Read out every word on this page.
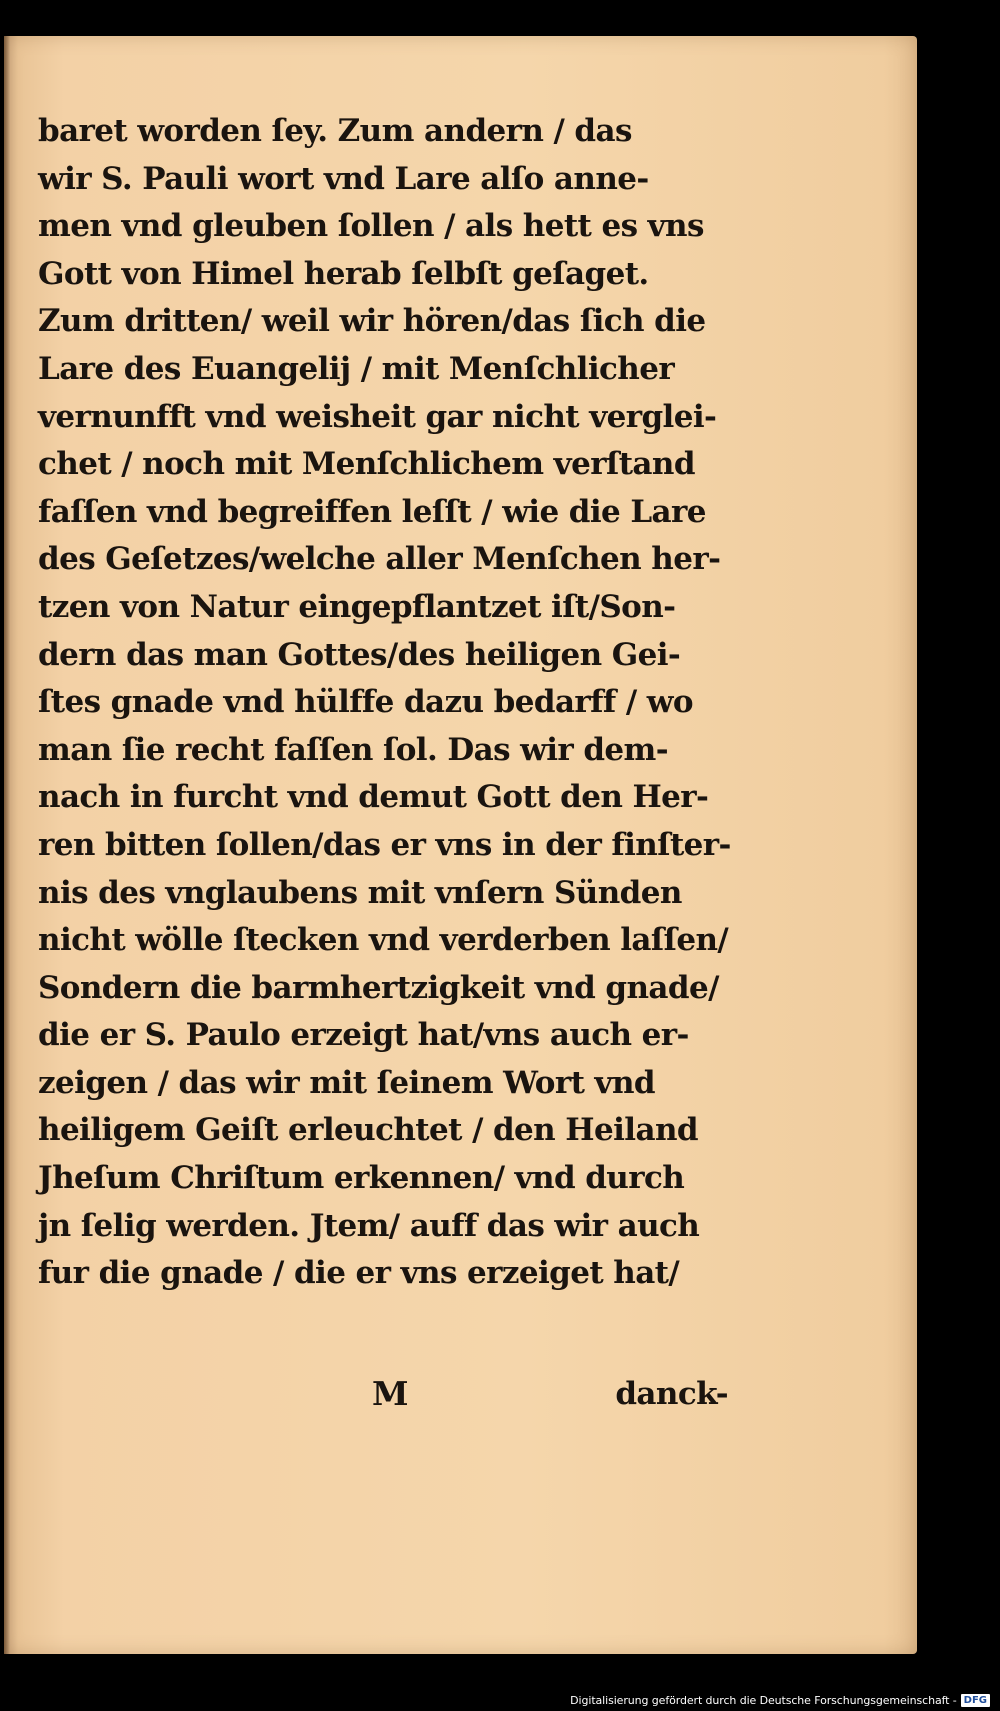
baret worden ſey. Zum andern / das
wir S. Pauli wort vnd Lare alſo anne-
men vnd gleuben ſollen / als hett es vns
Gott von Himel herab ſelbſt geſaget.
Zum dritten/ weil wir hören/das ſich die
Lare des Euangelij / mit Menſchlicher
vernunfft vnd weisheit gar nicht verglei-
chet / noch mit Menſchlichem verſtand
faſſen vnd begreiffen leſſt / wie die Lare
des Geſetzes/welche aller Menſchen her-
tzen von Natur eingepflantzet iſt/Son-
dern das man Gottes/des heiligen Gei-
ſtes gnade vnd hülffe dazu bedarff / wo
man ſie recht faſſen ſol. Das wir dem-
nach in furcht vnd demut Gott den Her-
ren bitten ſollen/das er vns in der finſter-
nis des vnglaubens mit vnſern Sünden
nicht wölle ſtecken vnd verderben laſſen/
Sondern die barmhertzigkeit vnd gnade/
die er S. Paulo erzeigt hat/vns auch er-
zeigen / das wir mit ſeinem Wort vnd
heiligem Geiſt erleuchtet / den Heiland
Jheſum Chriſtum erkennen/ vnd durch
jn ſelig werden. Jtem/ auff das wir auch
fur die gnade / die er vns erzeiget hat/
M	danck-
Digitalisierung gefördert durch die Deutsche Forschungsgemeinschaft - DFG
